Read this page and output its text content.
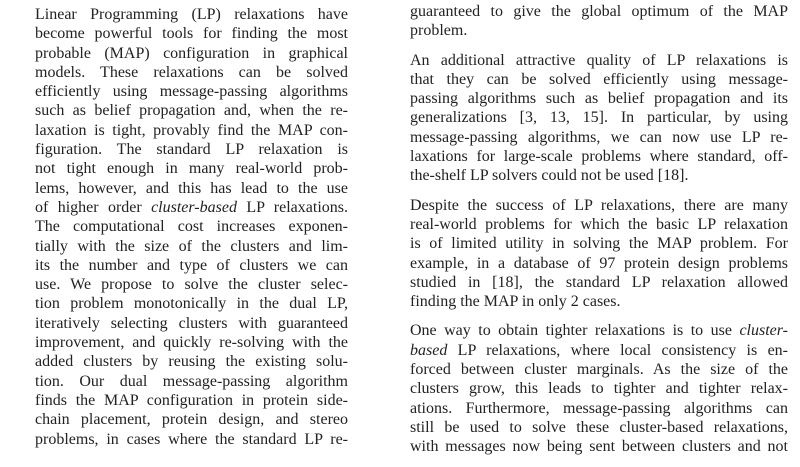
Linear Programming (LP) relaxations have
become powerful tools for finding the most
probable (MAP) configuration in graphical
models. These relaxations can be solved
efficiently using message-passing algorithms
such as belief propagation and, when the re-
laxation is tight, provably find the MAP con-
figuration. The standard LP relaxation is
not tight enough in many real-world prob-
lems, however, and this has lead to the use
of higher order cluster-based LP relaxations.
The computational cost increases exponen-
tially with the size of the clusters and lim-
its the number and type of clusters we can
use. We propose to solve the cluster selec-
tion problem monotonically in the dual LP,
iteratively selecting clusters with guaranteed
improvement, and quickly re-solving with the
added clusters by reusing the existing solu-
tion. Our dual message-passing algorithm
finds the MAP configuration in protein side-
chain placement, protein design, and stereo
problems, in cases where the standard LP re-
guaranteed to give the global optimum of the MAP
problem.
An additional attractive quality of LP relaxations is
that they can be solved efficiently using message-
passing algorithms such as belief propagation and its
generalizations [3, 13, 15]. In particular, by using
message-passing algorithms, we can now use LP re-
laxations for large-scale problems where standard, off-
the-shelf LP solvers could not be used [18].
Despite the success of LP relaxations, there are many
real-world problems for which the basic LP relaxation
is of limited utility in solving the MAP problem. For
example, in a database of 97 protein design problems
studied in [18], the standard LP relaxation allowed
finding the MAP in only 2 cases.
One way to obtain tighter relaxations is to use cluster-
based LP relaxations, where local consistency is en-
forced between cluster marginals. As the size of the
clusters grow, this leads to tighter and tighter relax-
ations. Furthermore, message-passing algorithms can
still be used to solve these cluster-based relaxations,
with messages now being sent between clusters and not
